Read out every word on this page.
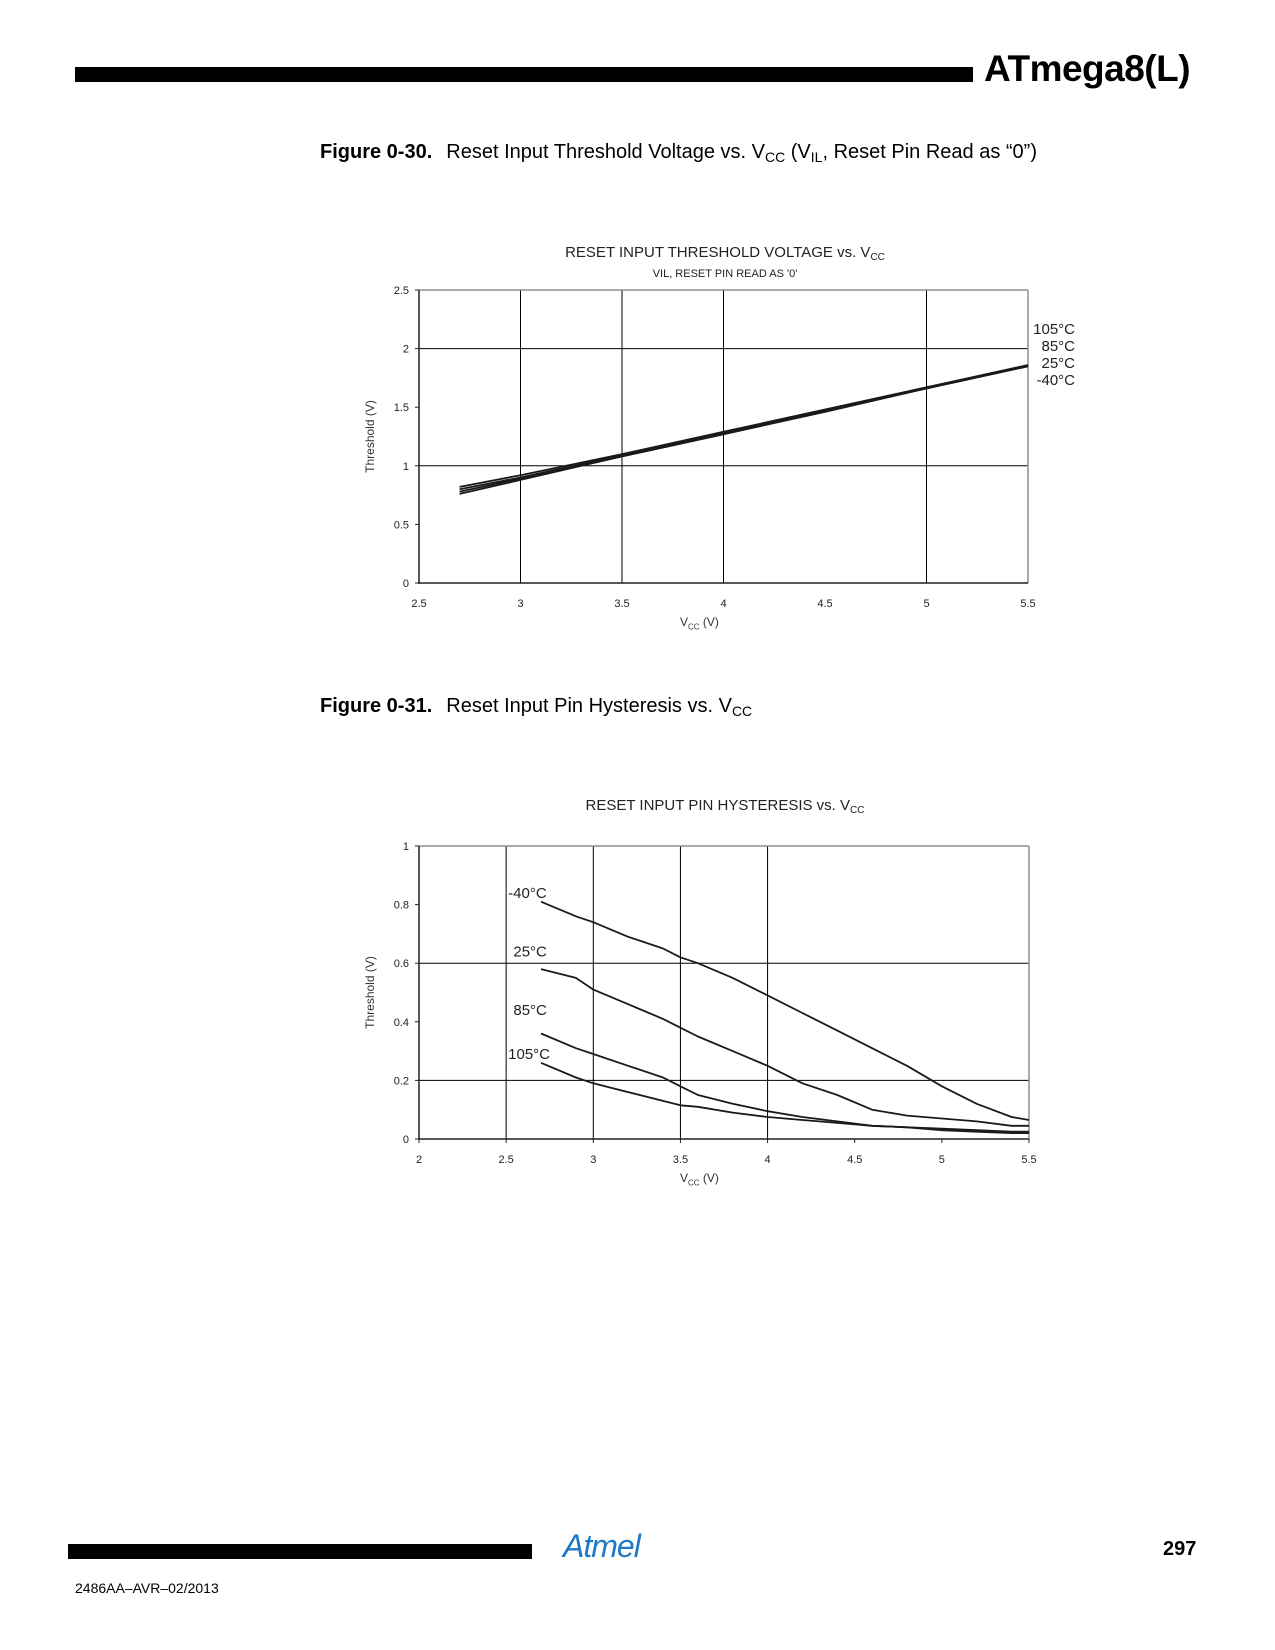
ATmega8(L)
Figure 0-30. Reset Input Threshold Voltage vs. $V_{CC}$ ($V_{IL}$, Reset Pin Read as “0”)
RESET INPUT THRESHOLD VOLTAGE vs. $V_{CC}$
VIL, RESET PIN READ AS '0'
0
0.5
1
1.5
2
2.5
2.5	3	3.5	4	4.5	5	5.5
Threshold (V)
105°C
85°C
25°C
-40°C
$V_{CC}$ (V)
Figure 0-31. Reset Input Pin Hysteresis vs. $V_{CC}$
RESET INPUT PIN HYSTERESIS vs. $V_{CC}$
0
0.2
0.4
0.6
0.8
1
2	2.5	3	3.5	4	4.5	5	5.5
Threshold (V)
-40°C
25°C
85°C
105°C
$V_{CC}$ (V)
Atmel
2486AA–AVR–02/2013
297
